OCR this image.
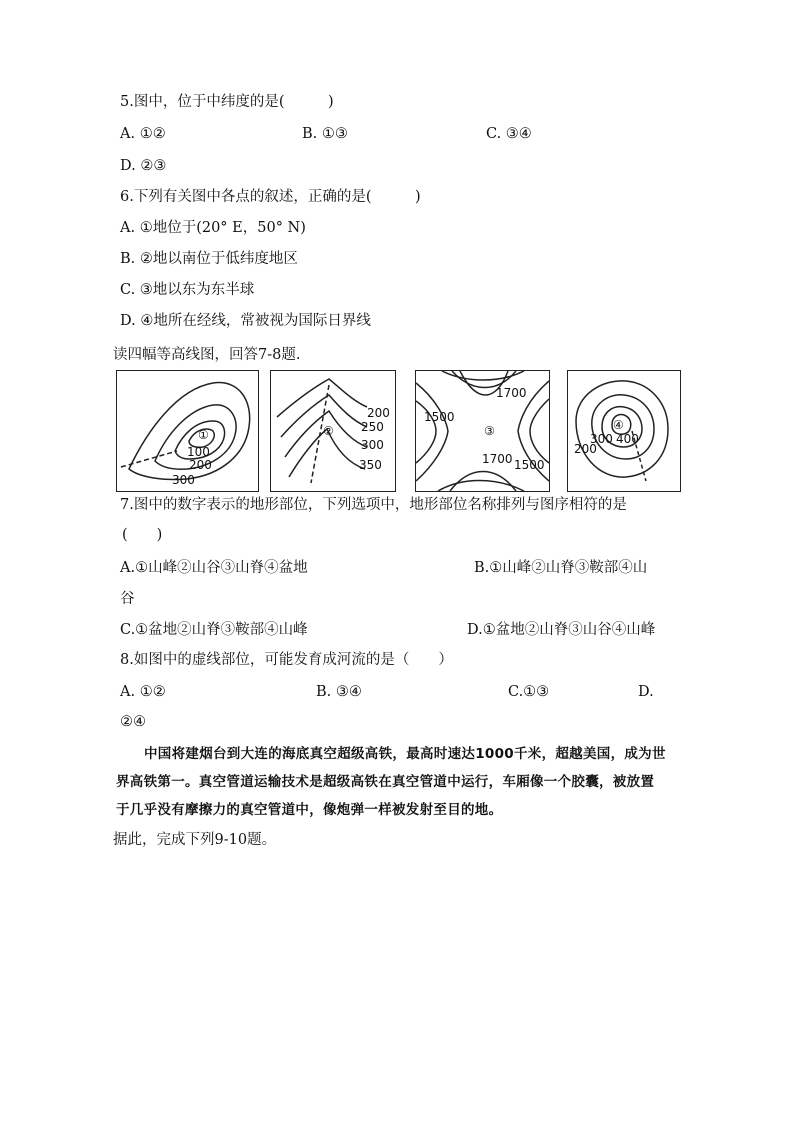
5.图中，位于中纬度的是(　　　)
A. ①②	B. ①③	C. ③④
D. ②③
6.下列有关图中各点的叙述，正确的是(　　　)
A. ①地位于(20° E，50° N)
B. ②地以南位于低纬度地区
C. ③地以东为东半球
D. ④地所在经线，常被视为国际日界线
读四幅等高线图，回答7-8题.
①
100
200
300
②
200
250
300
350
③
1700
1500
1700 1500
④
300 400
200
7.图中的数字表示的地形部位，下列选项中，地形部位名称排列与图序相符的是
(　　)
A.①山峰②山谷③山脊④盆地	B.①山峰②山脊③鞍部④山
谷
C.①盆地②山脊③鞍部④山峰	D.①盆地②山脊③山谷④山峰
8.如图中的虚线部位，可能发育成河流的是（　　）
A. ①②	B. ③④	C.①③	D.
②④
中国将建烟台到大连的海底真空超级高铁，最高时速达1000千米，超越美国，成为世
界高铁第一。真空管道运输技术是超级高铁在真空管道中运行，车厢像一个胶囊，被放置
于几乎没有摩擦力的真空管道中，像炮弹一样被发射至目的地。
据此，完成下列9-10题。
